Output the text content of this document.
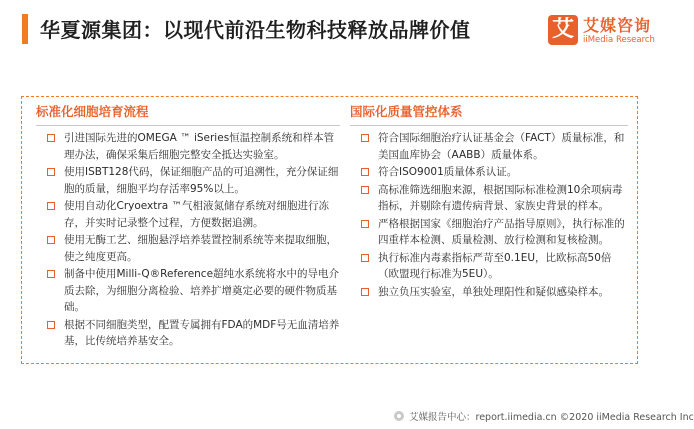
华夏源集团：以现代前沿生物科技释放品牌价值	艾 艾媒咨询
iiMedia Research
标准化细胞培育流程
引进国际先进的OMEGA ™ iSeries恒温控制系统和样本管理办法，确保采集后细胞完整安全抵达实验室。
使用ISBT128代码，保证细胞产品的可追溯性，充分保证细胞的质量，细胞平均存活率95%以上。
使用自动化Cryoextra ™气相液氮储存系统对细胞进行冻存，并实时记录整个过程，方便数据追溯。
使用无酶工艺、细胞悬浮培养装置控制系统等来提取细胞，使之纯度更高。
制备中使用Milli-Q®Reference超纯水系统将水中的导电介质去除，为细胞分离检验、培养扩增奠定必要的硬件物质基础。
根据不同细胞类型，配置专属拥有FDA的MDF号无血清培养基，比传统培养基安全。
国际化质量管控体系
符合国际细胞治疗认证基金会（FACT）质量标准，和美国血库协会（AABB）质量体系。
符合ISO9001质量体系认证。
高标准筛选细胞来源，根据国际标准检测10余项病毒指标，并剔除有遗传病背景、家族史背景的样本。
严格根据国家《细胞治疗产品指导原则》，执行标准的四重样本检测、质量检测、放行检测和复核检测。
执行标准内毒素指标严苛至0.1EU，比欧标高50倍 （欧盟现行标准为5EU）。
独立负压实验室，单独处理阳性和疑似感染样本。
艾媒报告中心：report.iimedia.cn ©2020 iiMedia Research Inc
